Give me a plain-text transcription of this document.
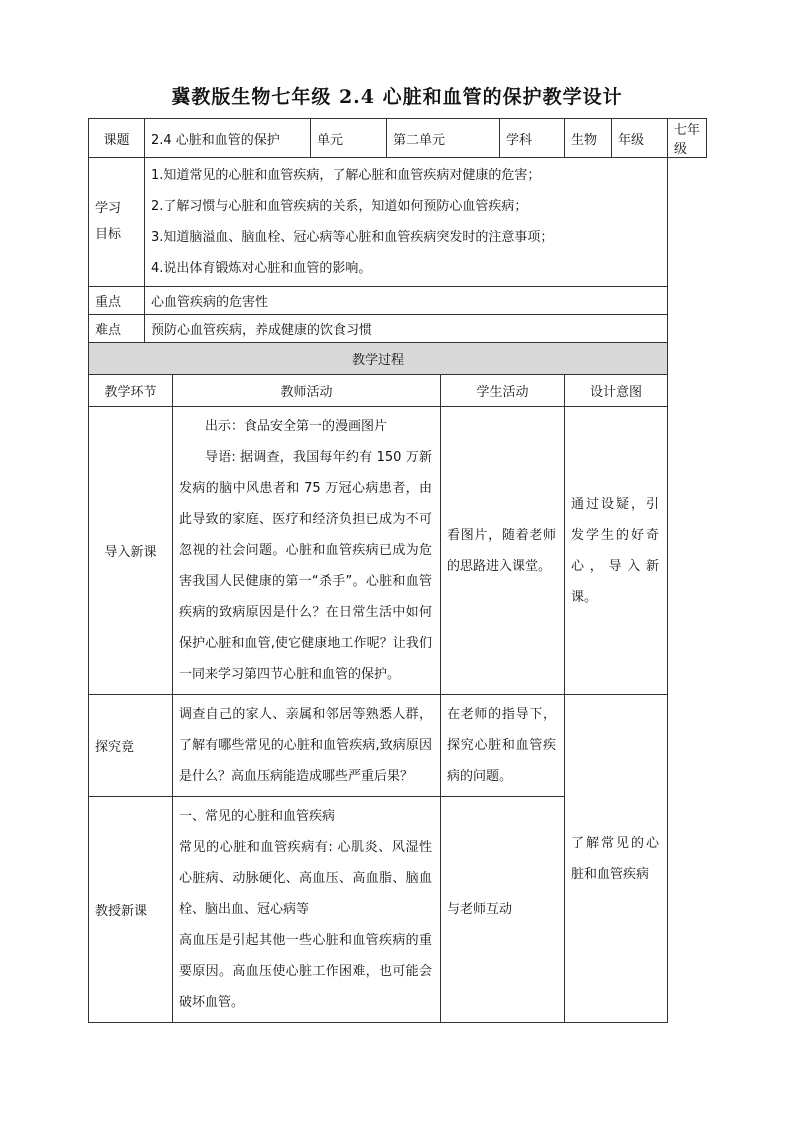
冀教版生物七年级 2.4 心脏和血管的保护教学设计
课题	2.4 心脏和血管的保护		单元	第二单元		学科	生物	年级	七年级

学习目标	1.知道常见的心脏和血管疾病，了解心脏和血管疾病对健康的危害；
2.了解习惯与心脏和血管疾病的关系，知道如何预防心血管疾病；
3.知道脑溢血、脑血栓、冠心病等心脏和血管疾病突发时的注意事项；
4.说出体育锻炼对心脏和血管的影响。								

重点	心血管疾病的危害性								
难点	预防心血管疾病，养成健康的饮食习惯								
教学过程									
教学环节		教师活动			学生活动		设计意图		
导入新课		出示：食品安全第一的漫画图片

导语: 据调查，我国每年约有 150 万新发病的脑中风患者和 75 万冠心病患者，由此导致的家庭、医疗和经济负担已成为不可忽视的社会问题。心脏和血管疾病已成为危害我国人民健康的第一“杀手”。心脏和血管疾病的致病原因是什么？在日常生活中如何保护心脏和血管,使它健康地工作呢？让我们一同来学习第四节心脏和血管的保护。			看图片，随着老师的思路进入课堂。		通过设疑，引发学生的好奇心，导入新课。		
探究竟		调查自己的家人、亲属和邻居等熟悉人群，了解有哪些常见的心脏和血管疾病,致病原因是什么？高血压病能造成哪些严重后果？			在老师的指导下，探究心脏和血管疾病的问题。		了解常见的心脏和血管疾病		
教授新课		一、常见的心脏和血管疾病

常见的心脏和血管疾病有: 心肌炎、风湿性心脏病、动脉硬化、高血压、高血脂、脑血栓、脑出血、冠心病等

高血压是引起其他一些心脏和血管疾病的重要原因。高血压使心脏工作困难，也可能会破坏血管。			与老师互动				
